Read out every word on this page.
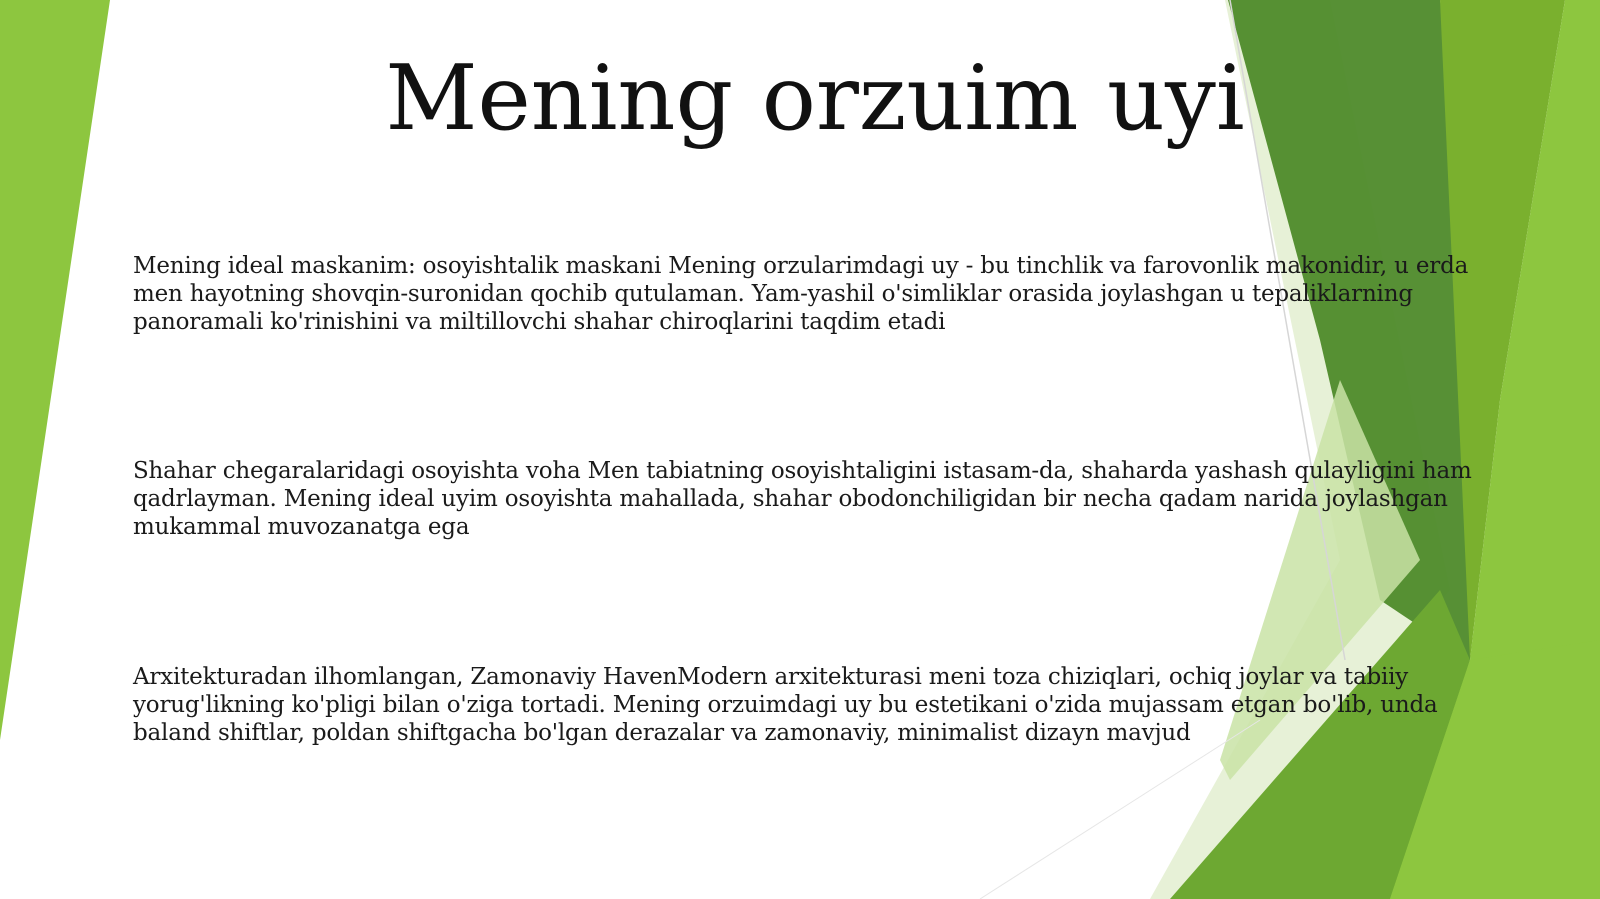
Mening orzuim uyi

Mening ideal maskanim: osoyishtalik maskani Mening orzularimdagi uy - bu tinchlik va farovonlik makonidir, u erda men hayotning shovqin-suronidan qochib qutulaman. Yam-yashil o'simliklar orasida joylashgan u tepaliklarning panoramali ko'rinishini va miltillovchi shahar chiroqlarini taqdim etadi

Shahar chegaralaridagi osoyishta voha Men tabiatning osoyishtaligini istasam-da, shaharda yashash qulayligini ham qadrlayman. Mening ideal uyim osoyishta mahallada, shahar obodonchiligidan bir necha qadam narida joylashgan mukammal muvozanatga ega

Arxitekturadan ilhomlangan, Zamonaviy HavenModern arxitekturasi meni toza chiziqlari, ochiq joylar va tabiiy yorug'likning ko'pligi bilan o'ziga tortadi. Mening orzuimdagi uy bu estetikani o'zida mujassam etgan bo'lib, unda baland shiftlar, poldan shiftgacha bo'lgan derazalar va zamonaviy, minimalist dizayn mavjud
